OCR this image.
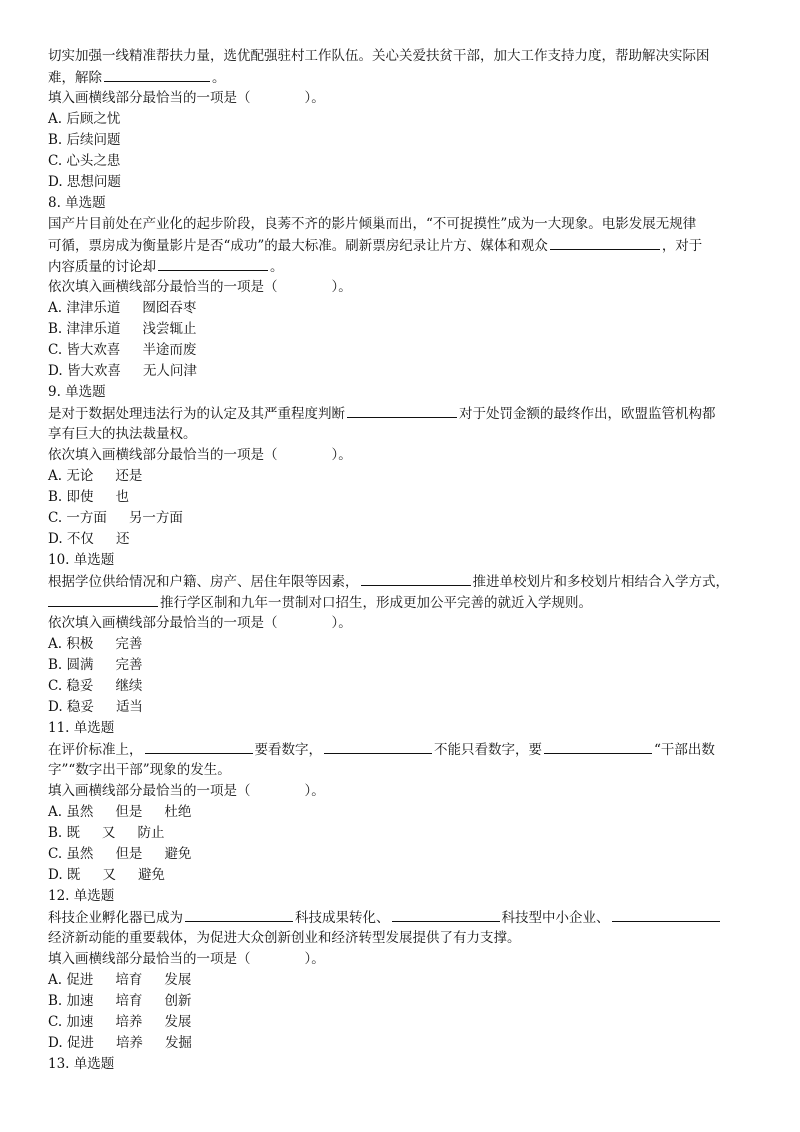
切实加强一线精准帮扶力量，选优配强驻村工作队伍。关心关爱扶贫干部，加大工作支持力度，帮助解决实际困
难，解除	。
填入画横线部分最恰当的一项是（　　　　）。
A. 后顾之忧
B. 后续问题
C. 心头之患
D. 思想问题
8. 单选题
国产片目前处在产业化的起步阶段，良莠不齐的影片倾巢而出，“不可捉摸性”成为一大现象。电影发展无规律
可循，票房成为衡量影片是否“成功”的最大标准。刷新票房纪录让片方、媒体和观众	，对于
内容质量的讨论却	。
依次填入画横线部分最恰当的一项是（　　　　）。
A. 津津乐道 囫囵吞枣
B. 津津乐道 浅尝辄止
C. 皆大欢喜 半途而废
D. 皆大欢喜 无人问津
9. 单选题
是对于数据处理违法行为的认定及其严重程度判断	对于处罚金额的最终作出，欧盟监管机构都
享有巨大的执法裁量权。
依次填入画横线部分最恰当的一项是（　　　　）。
A. 无论 还是
B. 即使 也
C. 一方面 另一方面
D. 不仅 还
10. 单选题
根据学位供给情况和户籍、房产、居住年限等因素，	推进单校划片和多校划片相结合入学方式，
推行学区制和九年一贯制对口招生，形成更加公平完善的就近入学规则。
依次填入画横线部分最恰当的一项是（　　　　）。
A. 积极 完善
B. 圆满 完善
C. 稳妥 继续
D. 稳妥 适当
11. 单选题
在评价标准上，	要看数字，	不能只看数字，要	“干部出数
字”“数字出干部”现象的发生。
填入画横线部分最恰当的一项是（　　　　）。
A. 虽然 但是 杜绝
B. 既 又 防止
C. 虽然 但是 避免
D. 既 又 避免
12. 单选题
科技企业孵化器已成为	科技成果转化、	科技型中小企业、
经济新动能的重要载体，为促进大众创新创业和经济转型发展提供了有力支撑。
填入画横线部分最恰当的一项是（　　　　）。
A. 促进 培育 发展
B. 加速 培育 创新
C. 加速 培养 发展
D. 促进 培养 发掘
13. 单选题
